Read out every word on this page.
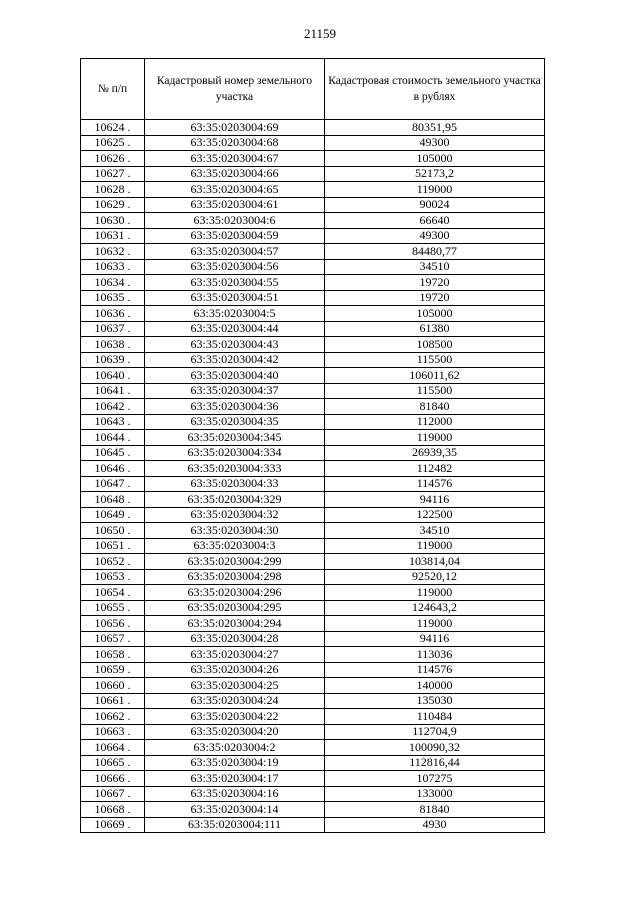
21159
№ п/п	Кадастровый номер земельного участка	Кадастровая стоимость земельного участка в рублях
10624 .	63:35:0203004:69	80351,95
10625 .	63:35:0203004:68	49300
10626 .	63:35:0203004:67	105000
10627 .	63:35:0203004:66	52173,2
10628 .	63:35:0203004:65	119000
10629 .	63:35:0203004:61	90024
10630 .	63:35:0203004:6	66640
10631 .	63:35:0203004:59	49300
10632 .	63:35:0203004:57	84480,77
10633 .	63:35:0203004:56	34510
10634 .	63:35:0203004:55	19720
10635 .	63:35:0203004:51	19720
10636 .	63:35:0203004:5	105000
10637 .	63:35:0203004:44	61380
10638 .	63:35:0203004:43	108500
10639 .	63:35:0203004:42	115500
10640 .	63:35:0203004:40	106011,62
10641 .	63:35:0203004:37	115500
10642 .	63:35:0203004:36	81840
10643 .	63:35:0203004:35	112000
10644 .	63:35:0203004:345	119000
10645 .	63:35:0203004:334	26939,35
10646 .	63:35:0203004:333	112482
10647 .	63:35:0203004:33	114576
10648 .	63:35:0203004:329	94116
10649 .	63:35:0203004:32	122500
10650 .	63:35:0203004:30	34510
10651 .	63:35:0203004:3	119000
10652 .	63:35:0203004:299	103814,04
10653 .	63:35:0203004:298	92520,12
10654 .	63:35:0203004:296	119000
10655 .	63:35:0203004:295	124643,2
10656 .	63:35:0203004:294	119000
10657 .	63:35:0203004:28	94116
10658 .	63:35:0203004:27	113036
10659 .	63:35:0203004:26	114576
10660 .	63:35:0203004:25	140000
10661 .	63:35:0203004:24	135030
10662 .	63:35:0203004:22	110484
10663 .	63:35:0203004:20	112704,9
10664 .	63:35:0203004:2	100090,32
10665 .	63:35:0203004:19	112816,44
10666 .	63:35:0203004:17	107275
10667 .	63:35:0203004:16	133000
10668 .	63:35:0203004:14	81840
10669 .	63:35:0203004:111	4930
